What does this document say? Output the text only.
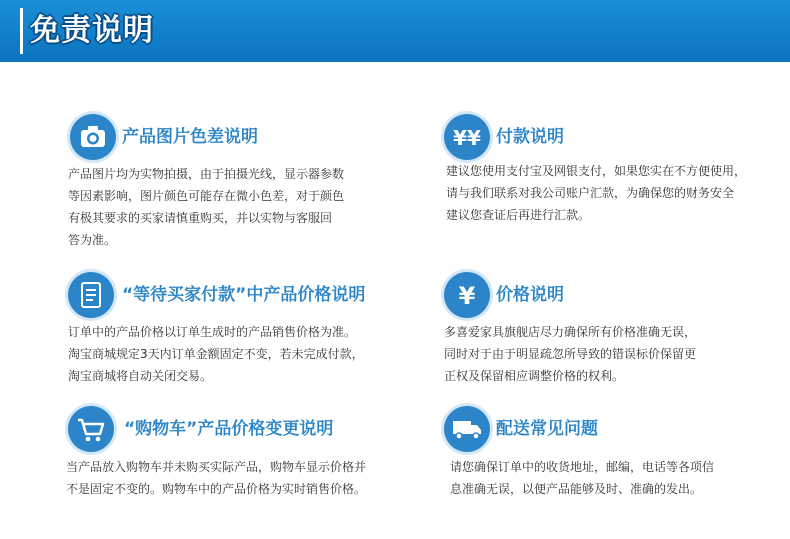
免责说明
产品图片色差说明
产品图片均为实物拍摄，由于拍摄光线，显示器参数
等因素影响，图片颜色可能存在微小色差，对于颜色
有极其要求的买家请慎重购买，并以实物与客服回
答为准。
¥¥ 付款说明
建议您使用支付宝及网银支付，如果您实在不方便使用，
请与我们联系对我公司账户汇款，为确保您的财务安全
建议您查证后再进行汇款。
“等待买家付款”中产品价格说明
订单中的产品价格以订单生成时的产品销售价格为准。
淘宝商城规定3天内订单金额固定不变，若未完成付款，
淘宝商城将自动关闭交易。
¥ 价格说明
多喜爱家具旗舰店尽力确保所有价格准确无误，
同时对于由于明显疏忽所导致的错误标价保留更
正权及保留相应调整价格的权利。
“购物车”产品价格变更说明
当产品放入购物车并未购买实际产品，购物车显示价格并
不是固定不变的。购物车中的产品价格为实时销售价格。
配送常见问题
请您确保订单中的收货地址，邮编，电话等各项信
息准确无误，以便产品能够及时、准确的发出。
